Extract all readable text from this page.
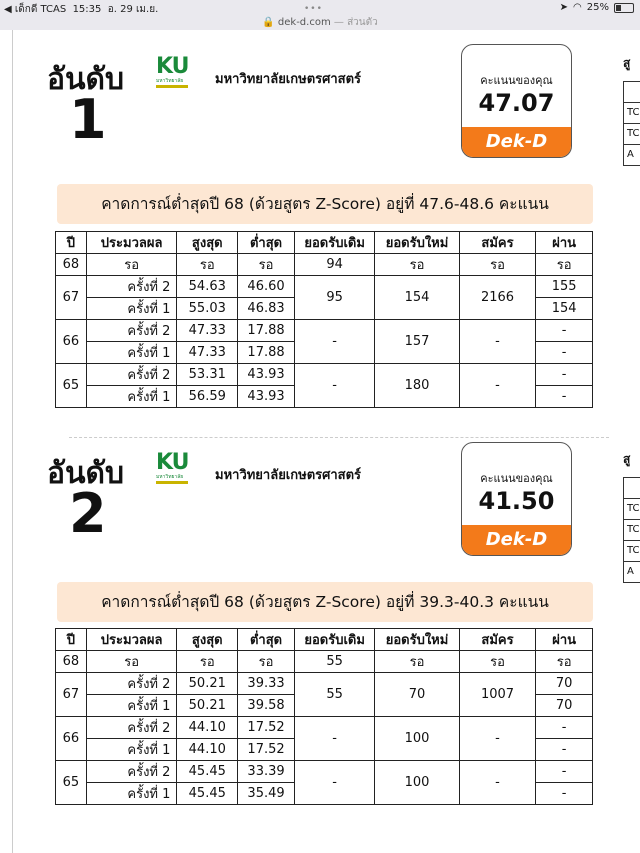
◀ เด็กดี TCAS 15:35 อ. 29 เม.ย.	•••	➤ ◠ 25%
🔒 dek-d.com — ส่วนตัว
อันดับ
1
KU
มหาวิทยาลัย	มหาวิทยาลัยเกษตรศาสตร์	คะแนนของคุณ
47.07
Dek-D
สู
TC
TC
A
คาดการณ์ต่ำสุดปี 68 (ด้วยสูตร Z-Score) อยู่ที่ 47.6-48.6 คะแนน
ปี	ประมวลผล	สูงสุด	ต่ำสุด	ยอดรับเดิม	ยอดรับใหม่	สมัคร	ผ่าน
68	รอ	รอ	รอ	94	รอ	รอ	รอ
67	ครั้งที่ 2	54.63	46.60	95	154	2166	155
	ครั้งที่ 1	55.03	46.83				154
66	ครั้งที่ 2	47.33	17.88	-	157	-	-
	ครั้งที่ 1	47.33	17.88				-
65	ครั้งที่ 2	53.31	43.93	-	180	-	-
	ครั้งที่ 1	56.59	43.93				-
อันดับ
2
KU
มหาวิทยาลัย	มหาวิทยาลัยเกษตรศาสตร์	คะแนนของคุณ
41.50
Dek-D
สู
TC
TC
TC
A
คาดการณ์ต่ำสุดปี 68 (ด้วยสูตร Z-Score) อยู่ที่ 39.3-40.3 คะแนน
ปี	ประมวลผล	สูงสุด	ต่ำสุด	ยอดรับเดิม	ยอดรับใหม่	สมัคร	ผ่าน
68	รอ	รอ	รอ	55	รอ	รอ	รอ
67	ครั้งที่ 2	50.21	39.33	55	70	1007	70
	ครั้งที่ 1	50.21	39.58				70
66	ครั้งที่ 2	44.10	17.52	-	100	-	-
	ครั้งที่ 1	44.10	17.52				-
65	ครั้งที่ 2	45.45	33.39	-	100	-	-
	ครั้งที่ 1	45.45	35.49				-
